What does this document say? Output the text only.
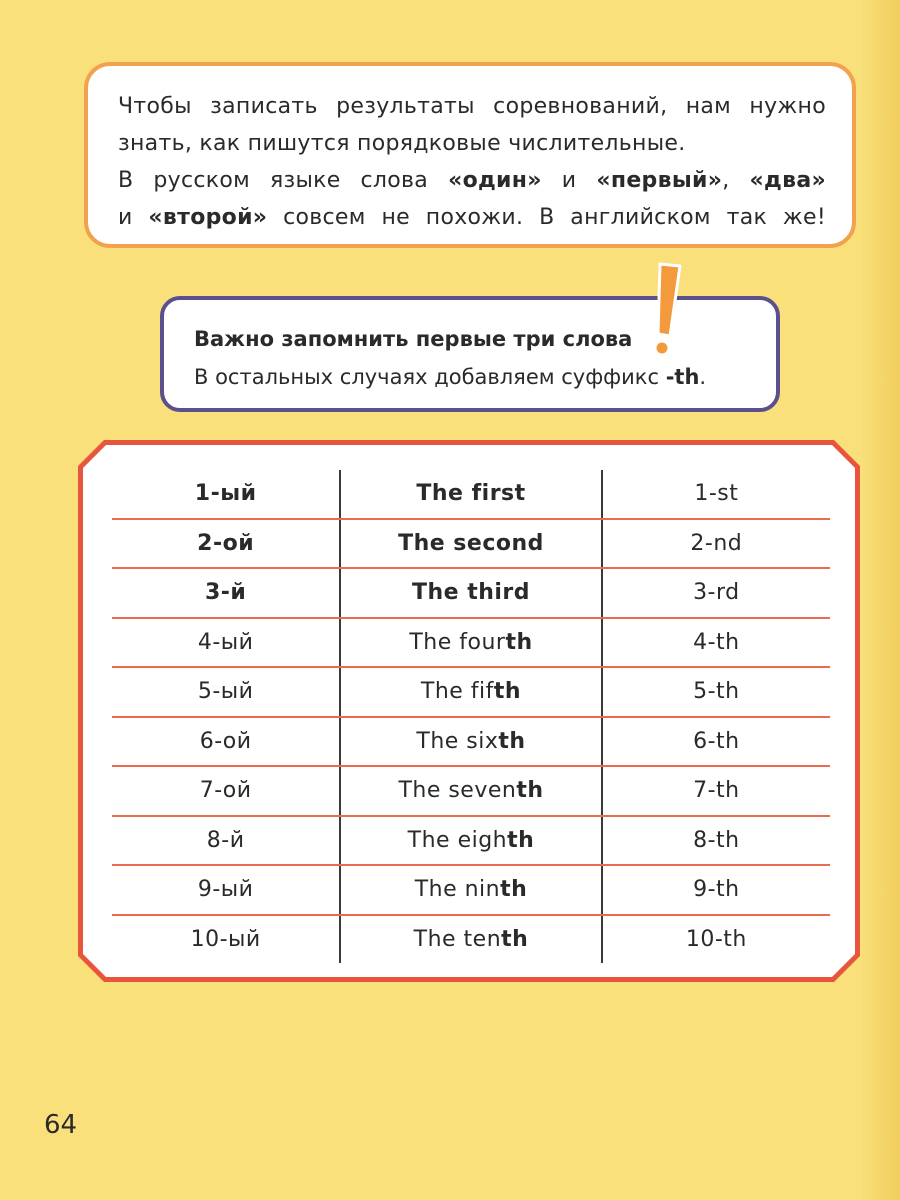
Чтобы записать результаты соревнований, нам нужно

знать, как пишутся порядковые числительные.

В русском языке слова «один» и «первый», «два»

и «второй» совсем не похожи. В английском так же!

Важно запомнить первые три слова

В остальных случаях добавляем суффикс -th.

1-ый	The first	1-st
2-ой	The second	2-nd
3-й	The third	3-rd
4-ый	The fourth	4-th
5-ый	The fifth	5-th
6-ой	The sixth	6-th
7-ой	The seventh	7-th
8-й	The eighth	8-th
9-ый	The ninth	9-th
10-ый	The tenth	10-th
64
